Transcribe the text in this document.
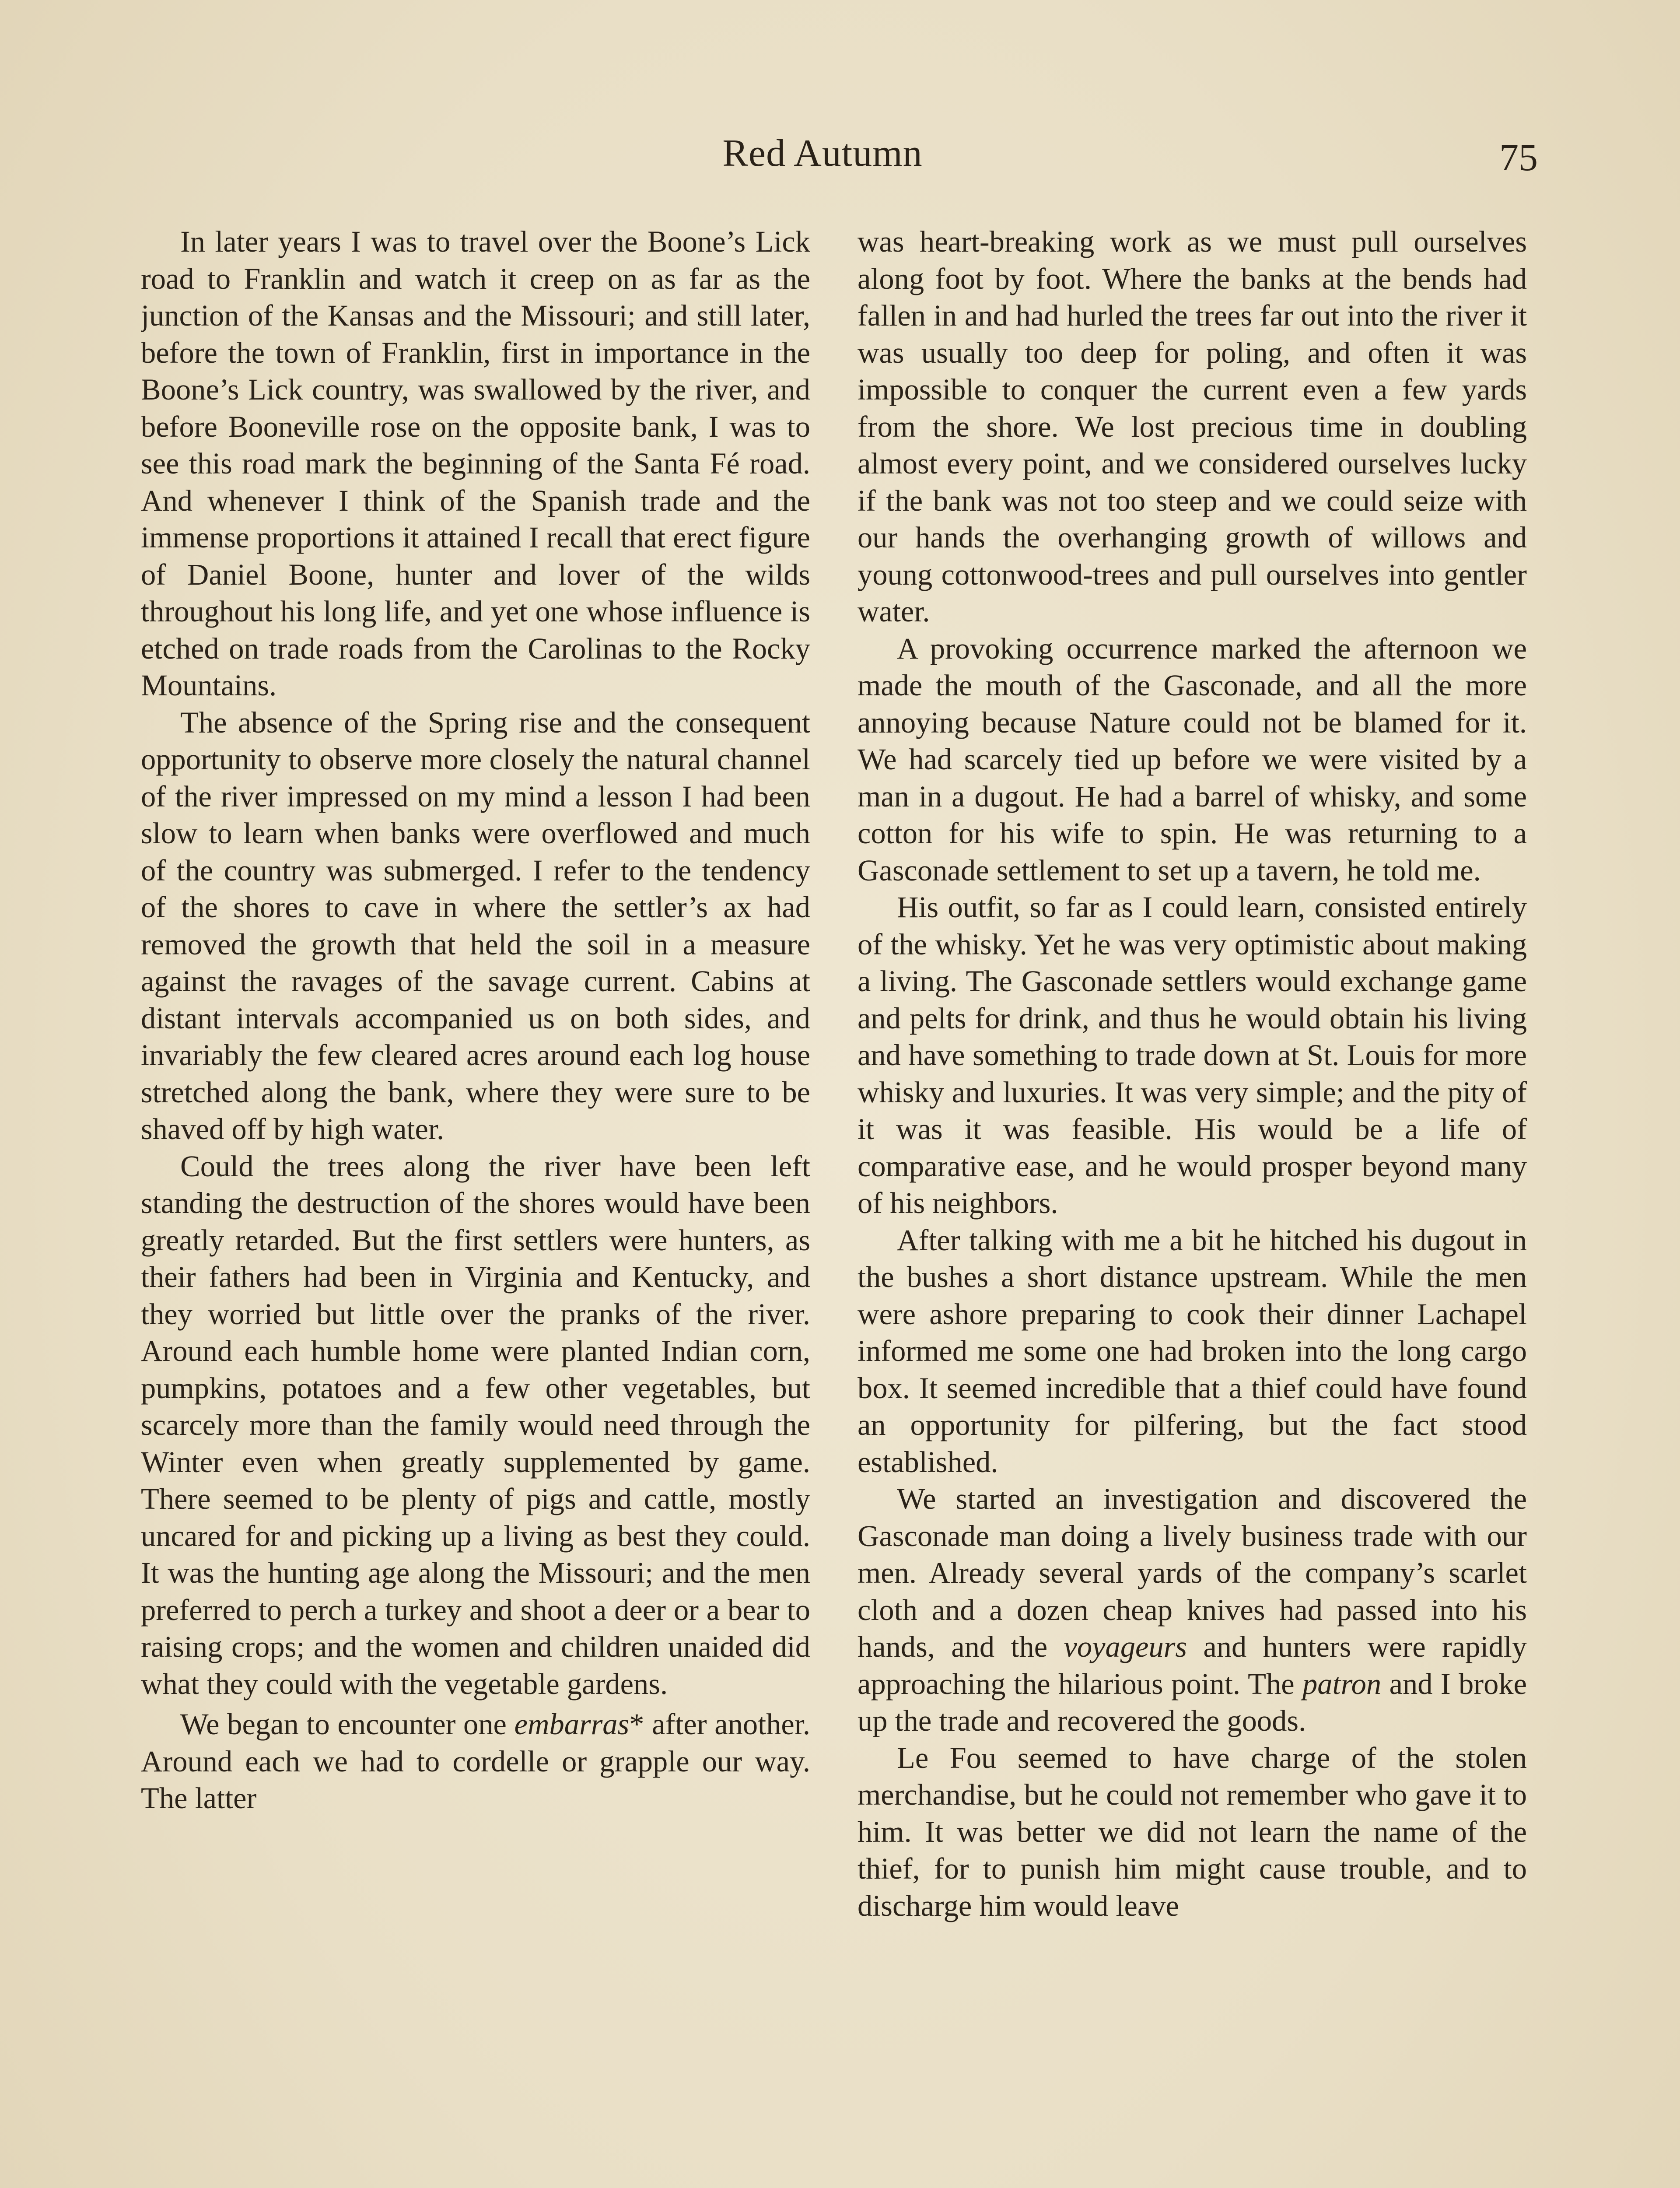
Red Autumn	75

In later years I was to travel over the Boone’s Lick road to Franklin and watch it creep on as far as the junction of the Kansas and the Missouri; and still later, before the town of Franklin, first in importance in the Boone’s Lick country, was swallowed by the river, and before Booneville rose on the opposite bank, I was to see this road mark the beginning of the Santa Fé road. And whenever I think of the Spanish trade and the immense proportions it attained I recall that erect figure of Daniel Boone, hunter and lover of the wilds throughout his long life, and yet one whose influence is etched on trade roads from the Carolinas to the Rocky Mountains.

The absence of the Spring rise and the consequent opportunity to observe more closely the natural channel of the river impressed on my mind a lesson I had been slow to learn when banks were overflowed and much of the country was submerged. I refer to the tendency of the shores to cave in where the settler’s ax had removed the growth that held the soil in a measure against the ravages of the savage current. Cabins at distant intervals accompanied us on both sides, and invariably the few cleared acres around each log house stretched along the bank, where they were sure to be shaved off by high water.

Could the trees along the river have been left standing the destruction of the shores would have been greatly retarded. But the first settlers were hunters, as their fathers had been in Virginia and Kentucky, and they worried but little over the pranks of the river. Around each humble home were planted Indian corn, pumpkins, potatoes and a few other vegetables, but scarcely more than the family would need through the Winter even when greatly supplemented by game. There seemed to be plenty of pigs and cattle, mostly uncared for and picking up a living as best they could. It was the hunting age along the Missouri; and the men preferred to perch a turkey and shoot a deer or a bear to raising crops; and the women and children unaided did what they could with the vegetable gardens.

We began to encounter one embarras* after another. Around each we had to cordelle or grapple our way. The latter

was heart-breaking work as we must pull ourselves along foot by foot. Where the banks at the bends had fallen in and had hurled the trees far out into the river it was usually too deep for poling, and often it was impossible to conquer the current even a few yards from the shore. We lost precious time in doubling almost every point, and we considered ourselves lucky if the bank was not too steep and we could seize with our hands the overhanging growth of willows and young cottonwood-trees and pull ourselves into gentler water.

A provoking occurrence marked the afternoon we made the mouth of the Gasconade, and all the more annoying because Nature could not be blamed for it. We had scarcely tied up before we were visited by a man in a dugout. He had a barrel of whisky, and some cotton for his wife to spin. He was returning to a Gasconade settlement to set up a tavern, he told me.

His outfit, so far as I could learn, consisted entirely of the whisky. Yet he was very optimistic about making a living. The Gasconade settlers would exchange game and pelts for drink, and thus he would obtain his living and have something to trade down at St. Louis for more whisky and luxuries. It was very simple; and the pity of it was it was feasible. His would be a life of comparative ease, and he would prosper beyond many of his neighbors.

After talking with me a bit he hitched his dugout in the bushes a short distance upstream. While the men were ashore preparing to cook their dinner Lachapel informed me some one had broken into the long cargo box. It seemed incredible that a thief could have found an opportunity for pilfering, but the fact stood established.

We started an investigation and discovered the Gasconade man doing a lively business trade with our men. Already several yards of the company’s scarlet cloth and a dozen cheap knives had passed into his hands, and the voyageurs and hunters were rapidly approaching the hilarious point. The patron and I broke up the trade and recovered the goods.

Le Fou seemed to have charge of the stolen merchandise, but he could not remember who gave it to him. It was better we did not learn the name of the thief, for to punish him might cause trouble, and to discharge him would leave
